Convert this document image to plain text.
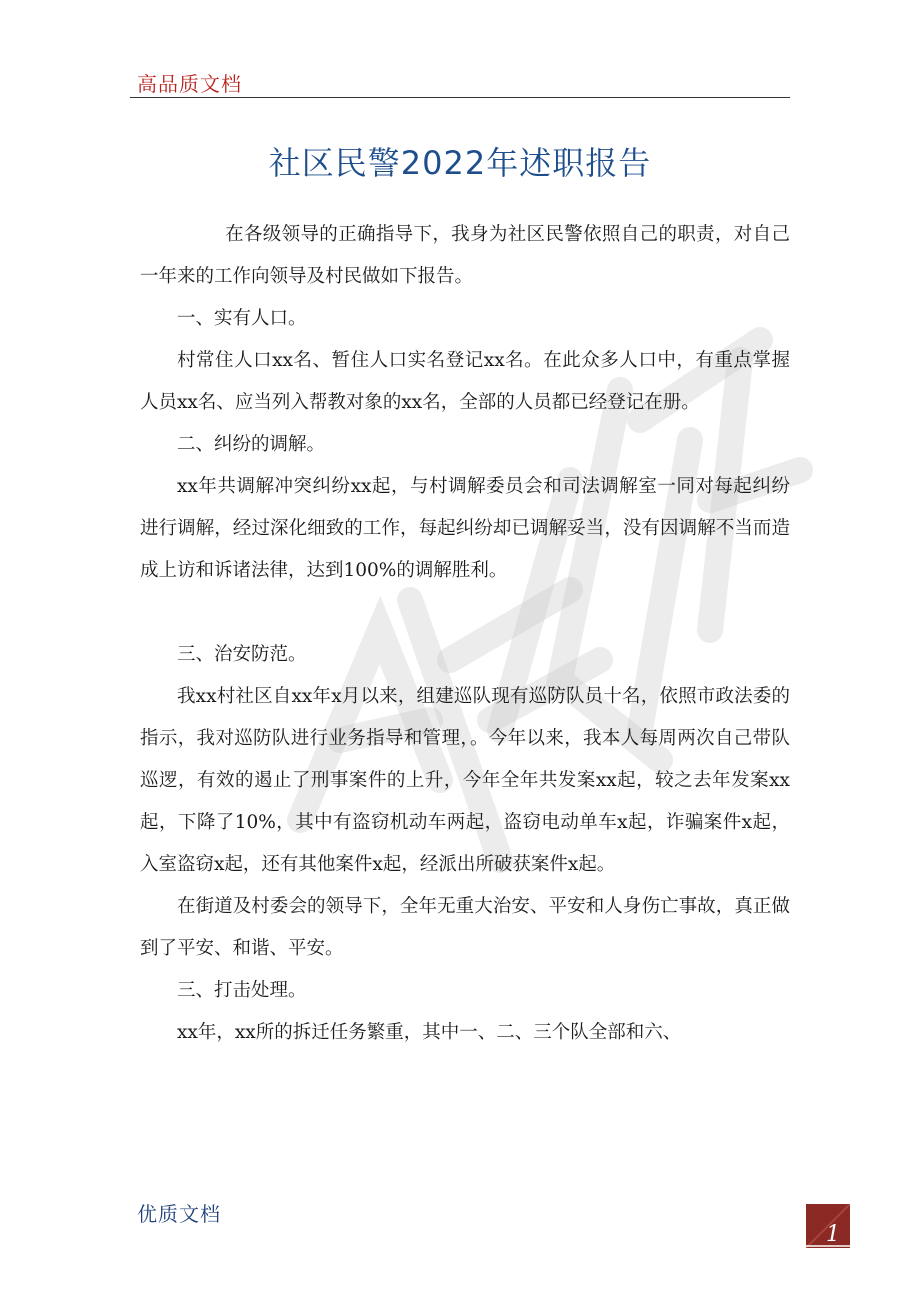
高品质文档
社区民警2022年述职报告

在各级领导的正确指导下，我身为社区民警依照自己的职责，对自己一年来的工作向领导及村民做如下报告。

一、实有人口。

村常住人口xx名、暂住人口实名登记xx名。在此众多人口中，有重点掌握人员xx名、应当列入帮教对象的xx名，全部的人员都已经登记在册。

二、纠纷的调解。

xx年共调解冲突纠纷xx起，与村调解委员会和司法调解室一同对每起纠纷进行调解，经过深化细致的工作，每起纠纷却已调解妥当，没有因调解不当而造成上访和诉诸法律，达到100%的调解胜利。

三、治安防范。

我xx村社区自xx年x月以来，组建巡队现有巡防队员十名，依照市政法委的指示，我对巡防队进行业务指导和管理，。今年以来，我本人每周两次自己带队巡逻，有效的遏止了刑事案件的上升，今年全年共发案xx起，较之去年发案xx起，下降了10%，其中有盗窃机动车两起，盗窃电动单车x起，诈骗案件x起，入室盗窃x起，还有其他案件x起，经派出所破获案件x起。

在街道及村委会的领导下，全年无重大治安、平安和人身伤亡事故，真正做到了平安、和谐、平安。

三、打击处理。

xx年，xx所的拆迁任务繁重，其中一、二、三个队全部和六、

优质文档
1
